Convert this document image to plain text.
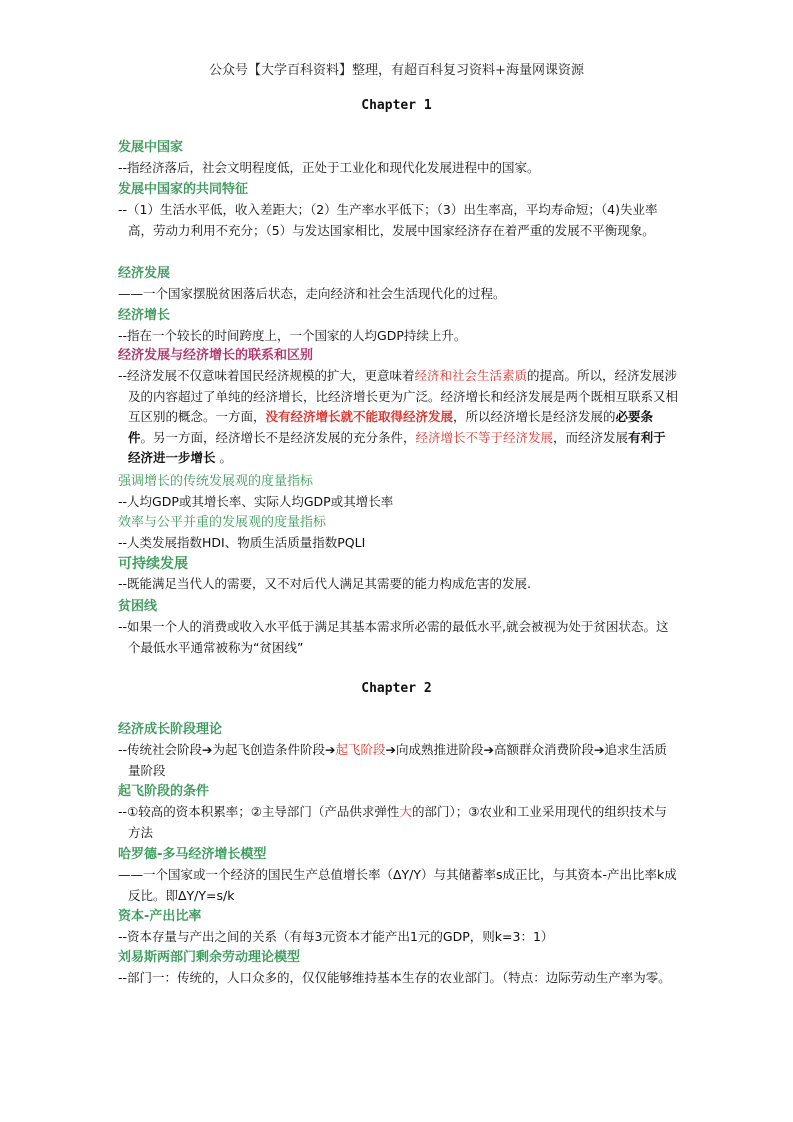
公众号【大学百科资料】整理，有超百科复习资料+海量网课资源
Chapter 1
发展中国家
--指经济落后，社会文明程度低，正处于工业化和现代化发展进程中的国家。
发展中国家的共同特征
--（1）生活水平低，收入差距大；（2）生产率水平低下；（3）出生率高，平均寿命短；（4)失业率高，劳动力利用不充分；（5）与发达国家相比，发展中国家经济存在着严重的发展不平衡现象。
经济发展
——一个国家摆脱贫困落后状态，走向经济和社会生活现代化的过程。
经济增长
--指在一个较长的时间跨度上，一个国家的人均GDP持续上升。
经济发展与经济增长的联系和区别
--经济发展不仅意味着国民经济规模的扩大，更意味着经济和社会生活素质的提高。所以，经济发展涉及的内容超过了单纯的经济增长，比经济增长更为广泛。经济增长和经济发展是两个既相互联系又相互区别的概念。一方面，没有经济增长就不能取得经济发展，所以经济增长是经济发展的必要条件。另一方面，经济增长不是经济发展的充分条件，经济增长不等于经济发展，而经济发展有利于经济进一步增长 。
强调增长的传统发展观的度量指标
--人均GDP或其增长率、实际人均GDP或其增长率
效率与公平并重的发展观的度量指标
--人类发展指数HDI、物质生活质量指数PQLI
可持续发展
--既能满足当代人的需要，又不对后代人满足其需要的能力构成危害的发展.
贫困线
--如果一个人的消费或收入水平低于满足其基本需求所必需的最低水平,就会被视为处于贫困状态。这个最低水平通常被称为“贫困线”
Chapter 2
经济成长阶段理论
--传统社会阶段➔为起飞创造条件阶段➔起飞阶段➔向成熟推进阶段➔高额群众消费阶段➔追求生活质量阶段
起飞阶段的条件
--①较高的资本积累率；②主导部门（产品供求弹性大的部门）；③农业和工业采用现代的组织技术与方法
哈罗德-多马经济增长模型
——一个国家或一个经济的国民生产总值增长率（ΔY/Y）与其储蓄率s成正比，与其资本-产出比率k成反比。即ΔY/Y=s/k
资本-产出比率
--资本存量与产出之间的关系（有每3元资本才能产出1元的GDP，则k=3：1）
刘易斯两部门剩余劳动理论模型
--部门一：传统的，人口众多的，仅仅能够维持基本生存的农业部门。（特点：边际劳动生产率为零。
